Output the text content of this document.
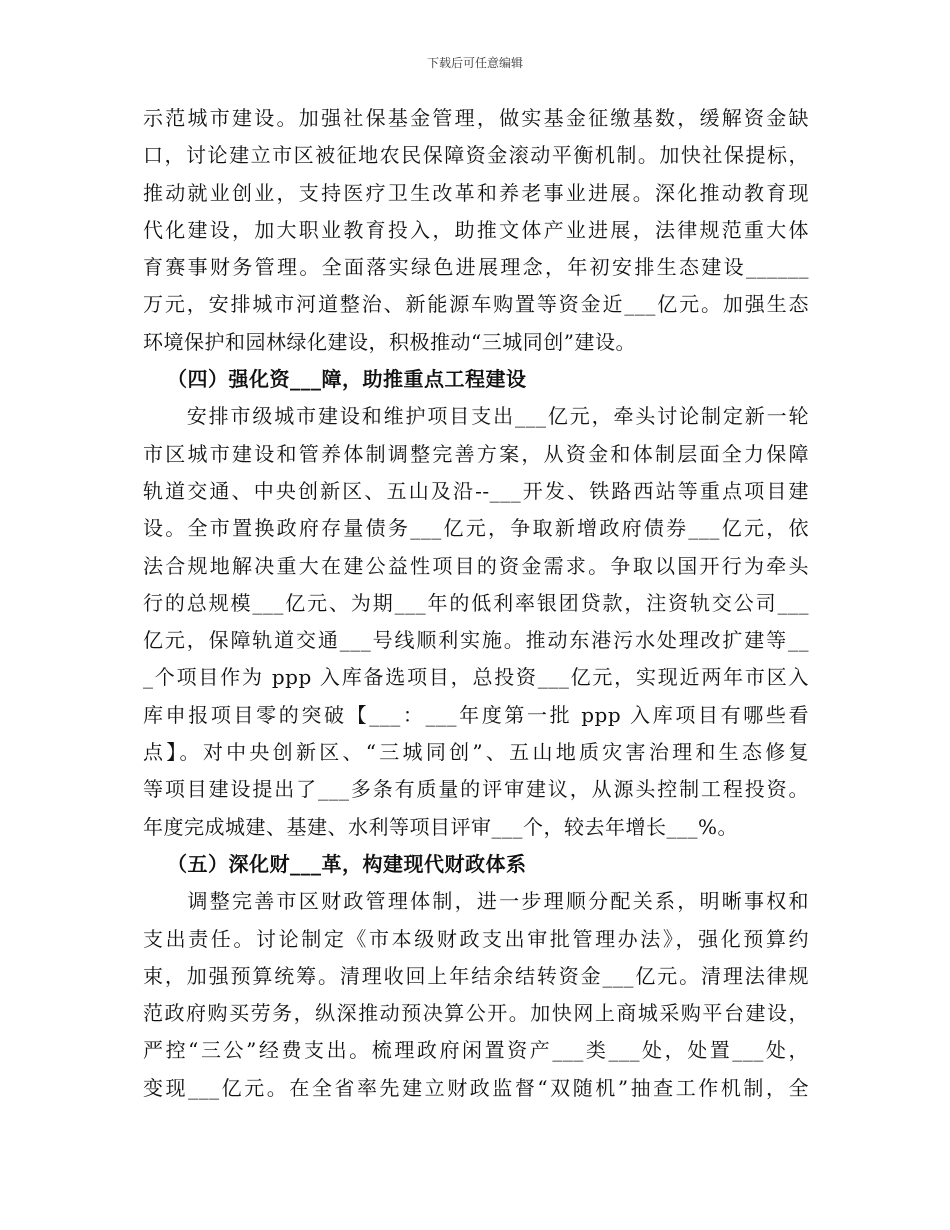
下载后可任意编辑
示范城市建设。加强社保基金管理，做实基金征缴基数，缓解资金缺
口，讨论建立市区被征地农民保障资金滚动平衡机制。加快社保提标，
推动就业创业，支持医疗卫生改革和养老事业进展。深化推动教育现
代化建设，加大职业教育投入，助推文体产业进展，法律规范重大体
育赛事财务管理。全面落实绿色进展理念，年初安排生态建设______
万元，安排城市河道整治、新能源车购置等资金近___亿元。加强生态
环境保护和园林绿化建设，积极推动“三城同创”建设。
（四）强化资___障，助推重点工程建设
　　安排市级城市建设和维护项目支出___亿元，牵头讨论制定新一轮
市区城市建设和管养体制调整完善方案，从资金和体制层面全力保障
轨道交通、中央创新区、五山及沿--___开发、铁路西站等重点项目建
设。全市置换政府存量债务___亿元，争取新增政府债券___亿元，依
法合规地解决重大在建公益性项目的资金需求。争取以国开行为牵头
行的总规模___亿元、为期___年的低利率银团贷款，注资轨交公司___
亿元，保障轨道交通___号线顺利实施。推动东港污水处理改扩建等__
_个项目作为 ppp 入库备选项目，总投资___亿元，实现近两年市区入
库申报项目零的突破【___：___年度第一批 ppp 入库项目有哪些看
点】。对中央创新区、“三城同创”、五山地质灾害治理和生态修复
等项目建设提出了___多条有质量的评审建议，从源头控制工程投资。
年度完成城建、基建、水利等项目评审___个，较去年增长___%。
（五）深化财___革，构建现代财政体系
　　调整完善市区财政管理体制，进一步理顺分配关系，明晰事权和
支出责任。讨论制定《市本级财政支出审批管理办法》，强化预算约
束，加强预算统筹。清理收回上年结余结转资金___亿元。清理法律规
范政府购买劳务，纵深推动预决算公开。加快网上商城采购平台建设，
严控“三公”经费支出。梳理政府闲置资产___类___处，处置___处，
变现___亿元。在全省率先建立财政监督“双随机”抽查工作机制，全
